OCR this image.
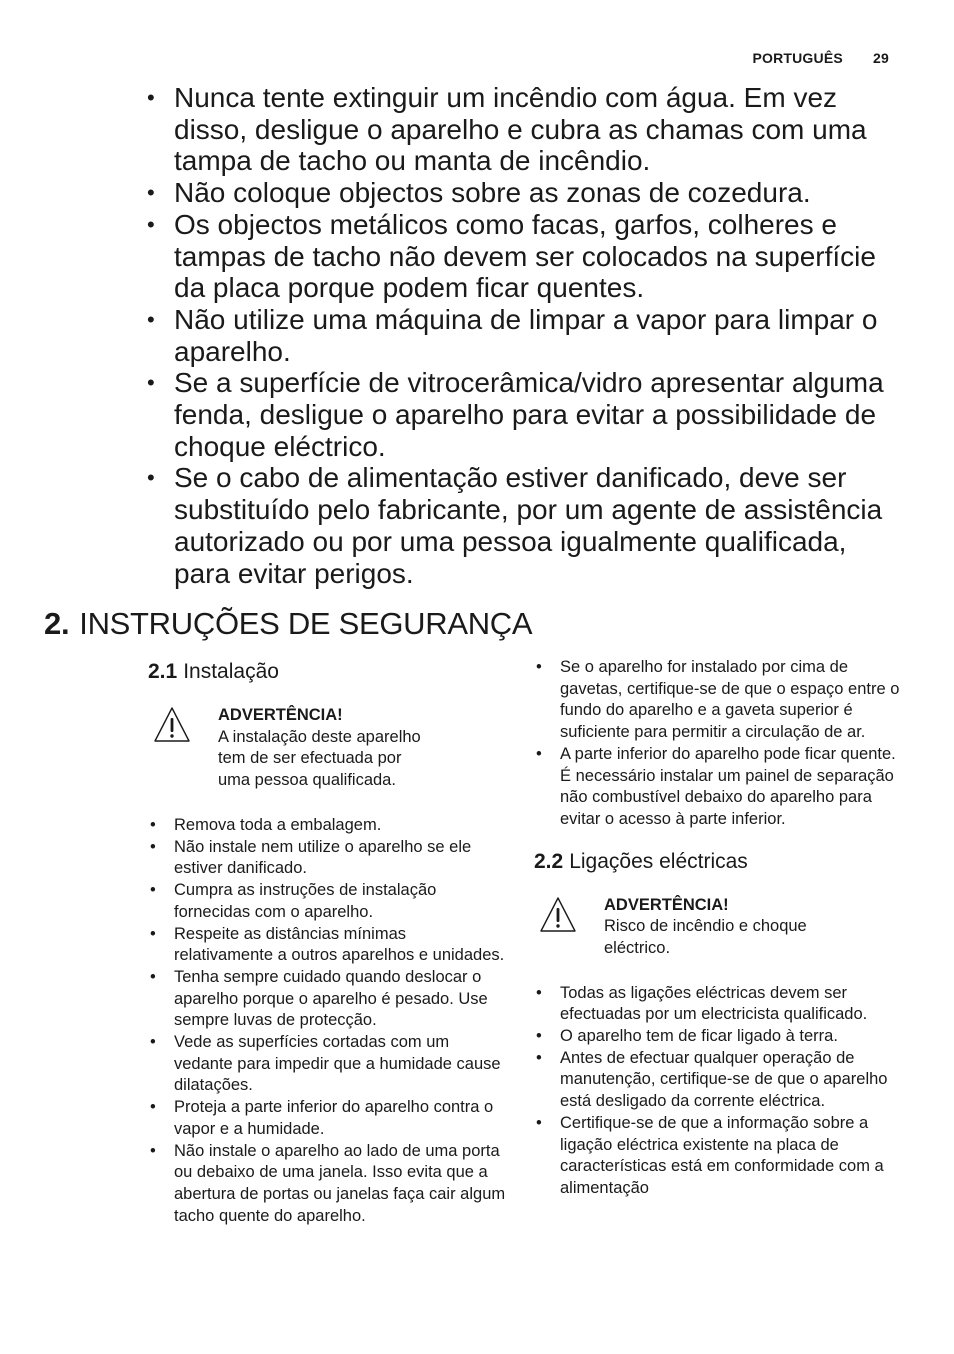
PORTUGUÊS 29
• Nunca tente extinguir um incêndio com água. Em vez disso, desligue o aparelho e cubra as chamas com uma tampa de tacho ou manta de incêndio.
• Não coloque objectos sobre as zonas de cozedura.
• Os objectos metálicos como facas, garfos, colheres e tampas de tacho não devem ser colocados na superfície da placa porque podem ficar quentes.
• Não utilize uma máquina de limpar a vapor para limpar o aparelho.
• Se a superfície de vitrocerâmica/vidro apresentar alguma fenda, desligue o aparelho para evitar a possibilidade de choque eléctrico.
• Se o cabo de alimentação estiver danificado, deve ser substituído pelo fabricante, por um agente de assistência autorizado ou por uma pessoa igualmente qualificada, para evitar perigos.
2. INSTRUÇÕES DE SEGURANÇA
2.1 Instalação
ADVERTÊNCIA!
A instalação deste aparelho
tem de ser efectuada por
uma pessoa qualificada.
• Remova toda a embalagem.
• Não instale nem utilize o aparelho se ele estiver danificado.
• Cumpra as instruções de instalação fornecidas com o aparelho.
• Respeite as distâncias mínimas relativamente a outros aparelhos e unidades.
• Tenha sempre cuidado quando deslocar o aparelho porque o aparelho é pesado. Use sempre luvas de protecção.
• Vede as superfícies cortadas com um vedante para impedir que a humidade cause dilatações.
• Proteja a parte inferior do aparelho contra o vapor e a humidade.
• Não instale o aparelho ao lado de uma porta ou debaixo de uma janela. Isso evita que a abertura de portas ou janelas faça cair algum tacho quente do aparelho.
• Se o aparelho for instalado por cima de gavetas, certifique-se de que o espaço entre o fundo do aparelho e a gaveta superior é suficiente para permitir a circulação de ar.
• A parte inferior do aparelho pode ficar quente. É necessário instalar um painel de separação não combustível debaixo do aparelho para evitar o acesso à parte inferior.
2.2 Ligações eléctricas
ADVERTÊNCIA!
Risco de incêndio e choque
eléctrico.
• Todas as ligações eléctricas devem ser efectuadas por um electricista qualificado.
• O aparelho tem de ficar ligado à terra.
• Antes de efectuar qualquer operação de manutenção, certifique-se de que o aparelho está desligado da corrente eléctrica.
• Certifique-se de que a informação sobre a ligação eléctrica existente na placa de características está em conformidade com a alimentação
